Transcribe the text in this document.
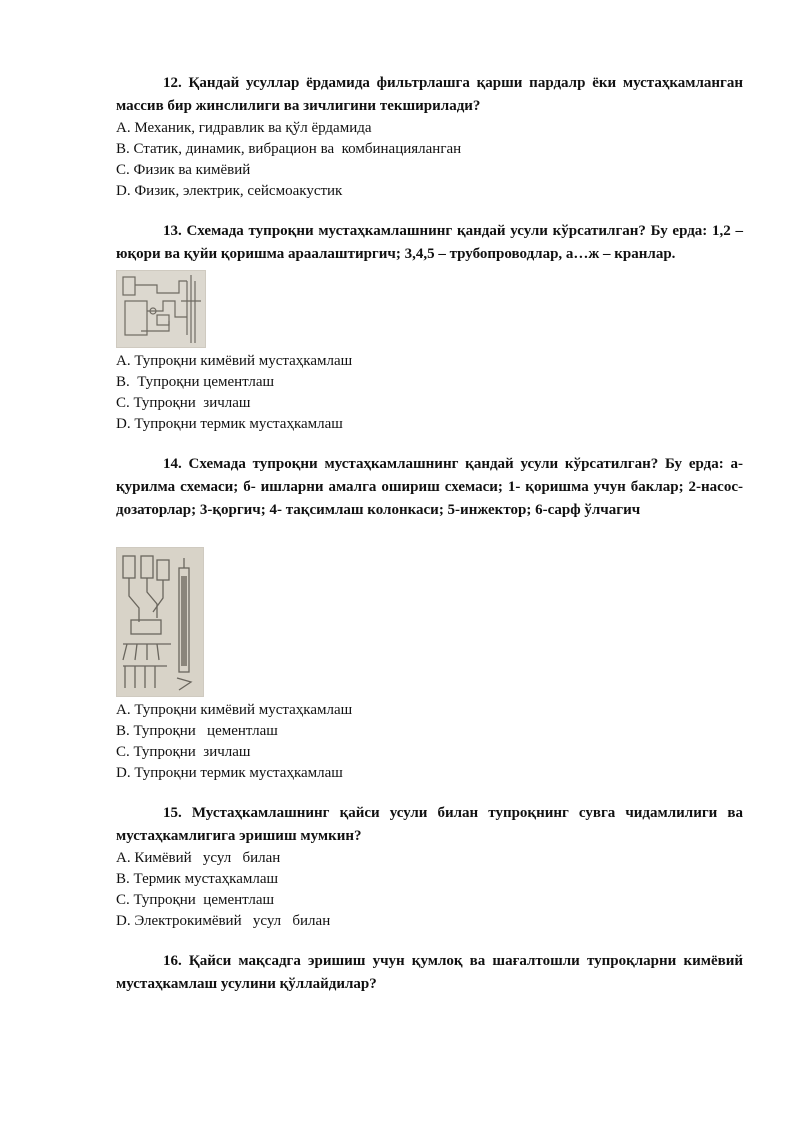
12. Қандай усуллар ёрдамида фильтрлашга қарши пардалр ёки мустаҳкамланган массив бир жинслилиги ва зичлигини текширилади?

A. Механик, гидравлик ва қўл ёрдамида

B. Статик, динамик, вибрацион ва  комбинацияланган

C. Физик ва кимёвий

D. Физик, электрик, сейсмоакустик

13. Схемада тупроқни мустаҳкамлашнинг қандай усули кўрсатилган? Бу ерда: 1,2 – юқори ва қуйи қоришма араалаштиргич; 3,4,5 – трубопроводлар, а…ж – кранлар.

A. Тупроқни кимёвий мустаҳкамлаш

B.  Тупроқни цементлаш

C. Тупроқни  зичлаш

D. Тупроқни термик мустаҳкамлаш

14. Схемада тупроқни мустаҳкамлашнинг қандай усули кўрсатилган? Бу ерда: а-қурилма схемаси; б- ишларни амалга ошириш схемаси; 1- қоришма учун баклар; 2-насос-дозаторлар; 3-қоргич; 4- тақсимлаш колонкаси; 5-инжектор; 6-сарф ўлчагич

A. Тупроқни кимёвий мустаҳкамлаш

B. Тупроқни   цементлаш

C. Тупроқни  зичлаш

D. Тупроқни термик мустаҳкамлаш

15. Мустаҳкамлашнинг қайси усули билан тупроқнинг сувга чидамлилиги ва мустаҳкамлигига эришиш мумкин?

A. Кимёвий   усул   билан

B. Термик мустаҳкамлаш

C. Тупроқни  цементлаш

D. Электрокимёвий   усул   билан

16. Қайси мақсадга эришиш учун қумлоқ ва шағалтошли тупроқларни кимёвий мустаҳкамлаш усулини қўллайдилар?
